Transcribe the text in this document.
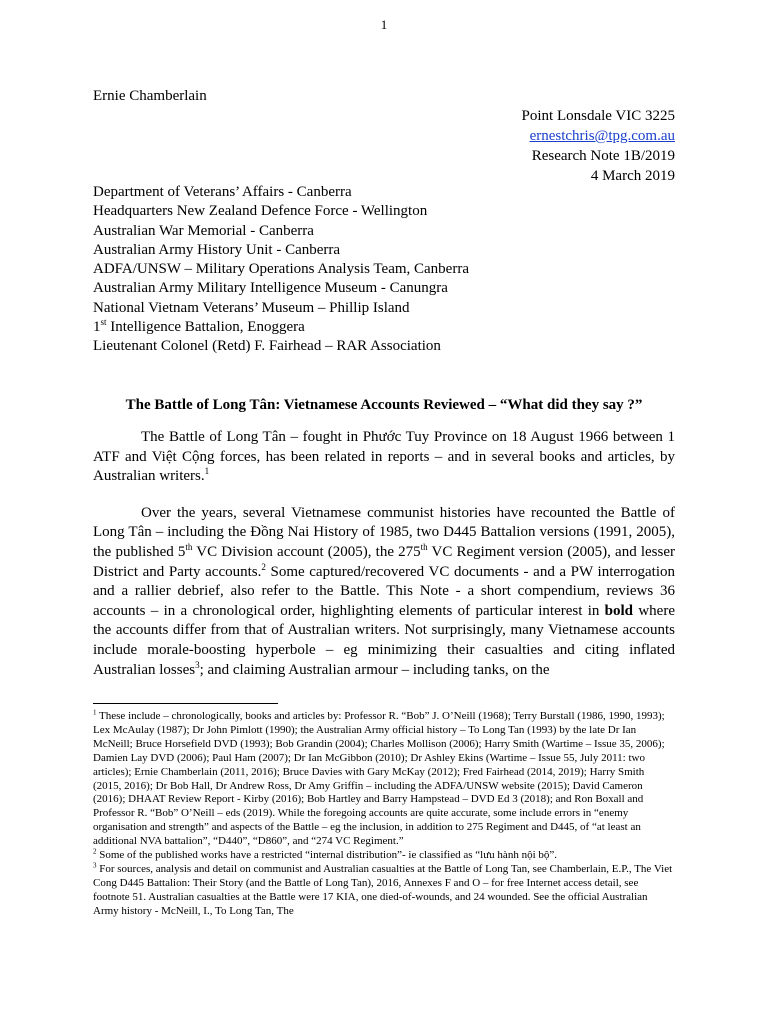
1
Ernie Chamberlain
Point Lonsdale VIC 3225
ernestchris@tpg.com.au
Research Note 1B/2019
4 March 2019
Department of Veterans’ Affairs - Canberra
Headquarters New Zealand Defence Force - Wellington
Australian War Memorial - Canberra
Australian Army History Unit - Canberra
ADFA/UNSW – Military Operations Analysis Team, Canberra
Australian Army Military Intelligence Museum - Canungra
National Vietnam Veterans’ Museum – Phillip Island
1st Intelligence Battalion, Enoggera
Lieutenant Colonel (Retd) F. Fairhead – RAR Association
The Battle of Long Tân: Vietnamese Accounts Reviewed – “What did they say ?”

The Battle of Long Tân – fought in Phước Tuy Province on 18 August 1966 between 1 ATF and Việt Cộng forces, has been related in reports – and in several books and articles, by Australian writers.$^1$

Over the years, several Vietnamese communist histories have recounted the Battle of Long Tân – including the Đồng Nai History of 1985, two D445 Battalion versions (1991, 2005), the published 5th VC Division account (2005), the 275th VC Regiment version (2005), and lesser District and Party accounts.$^2$ Some captured/recovered VC documents - and a PW interrogation and a rallier debrief, also refer to the Battle. This Note - a short compendium, reviews 36 accounts – in a chronological order, highlighting elements of particular interest in bold where the accounts differ from that of Australian writers. Not surprisingly, many Vietnamese accounts include morale-boosting hyperbole – eg minimizing their casualties and citing inflated Australian losses$^3$; and claiming Australian armour – including tanks, on the

$^1$ These include – chronologically, books and articles by: Professor R. “Bob” J. O’Neill (1968); Terry Burstall (1986, 1990, 1993); Lex McAulay (1987); Dr John Pimlott (1990); the Australian Army official history – To Long Tan (1993) by the late Dr Ian McNeill; Bruce Horsefield DVD (1993); Bob Grandin (2004); Charles Mollison (2006); Harry Smith (Wartime – Issue 35, 2006); Damien Lay DVD (2006); Paul Ham (2007); Dr Ian McGibbon (2010); Dr Ashley Ekins (Wartime – Issue 55, July 2011: two articles); Ernie Chamberlain (2011, 2016); Bruce Davies with Gary McKay (2012); Fred Fairhead (2014, 2019); Harry Smith (2015, 2016); Dr Bob Hall, Dr Andrew Ross, Dr Amy Griffin – including the ADFA/UNSW website (2015); David Cameron (2016); DHAAT Review Report - Kirby (2016); Bob Hartley and Barry Hampstead – DVD Ed 3 (2018); and Ron Boxall and Professor R. “Bob” O’Neill – eds (2019). While the foregoing accounts are quite accurate, some include errors in “enemy organisation and strength” and aspects of the Battle – eg the inclusion, in addition to 275 Regiment and D445, of “at least an additional NVA battalion”, “D440”, “D860”, and “274 VC Regiment.”
$^2$ Some of the published works have a restricted “internal distribution”- ie classified as “lưu hành nội bộ”.
$^3$ For sources, analysis and detail on communist and Australian casualties at the Battle of Long Tan, see Chamberlain, E.P., The Viet Cong D445 Battalion: Their Story (and the Battle of Long Tan), 2016, Annexes F and O – for free Internet access detail, see footnote 51. Australian casualties at the Battle were 17 KIA, one died-of-wounds, and 24 wounded. See the official Australian Army history - McNeill, I., To Long Tan, The
